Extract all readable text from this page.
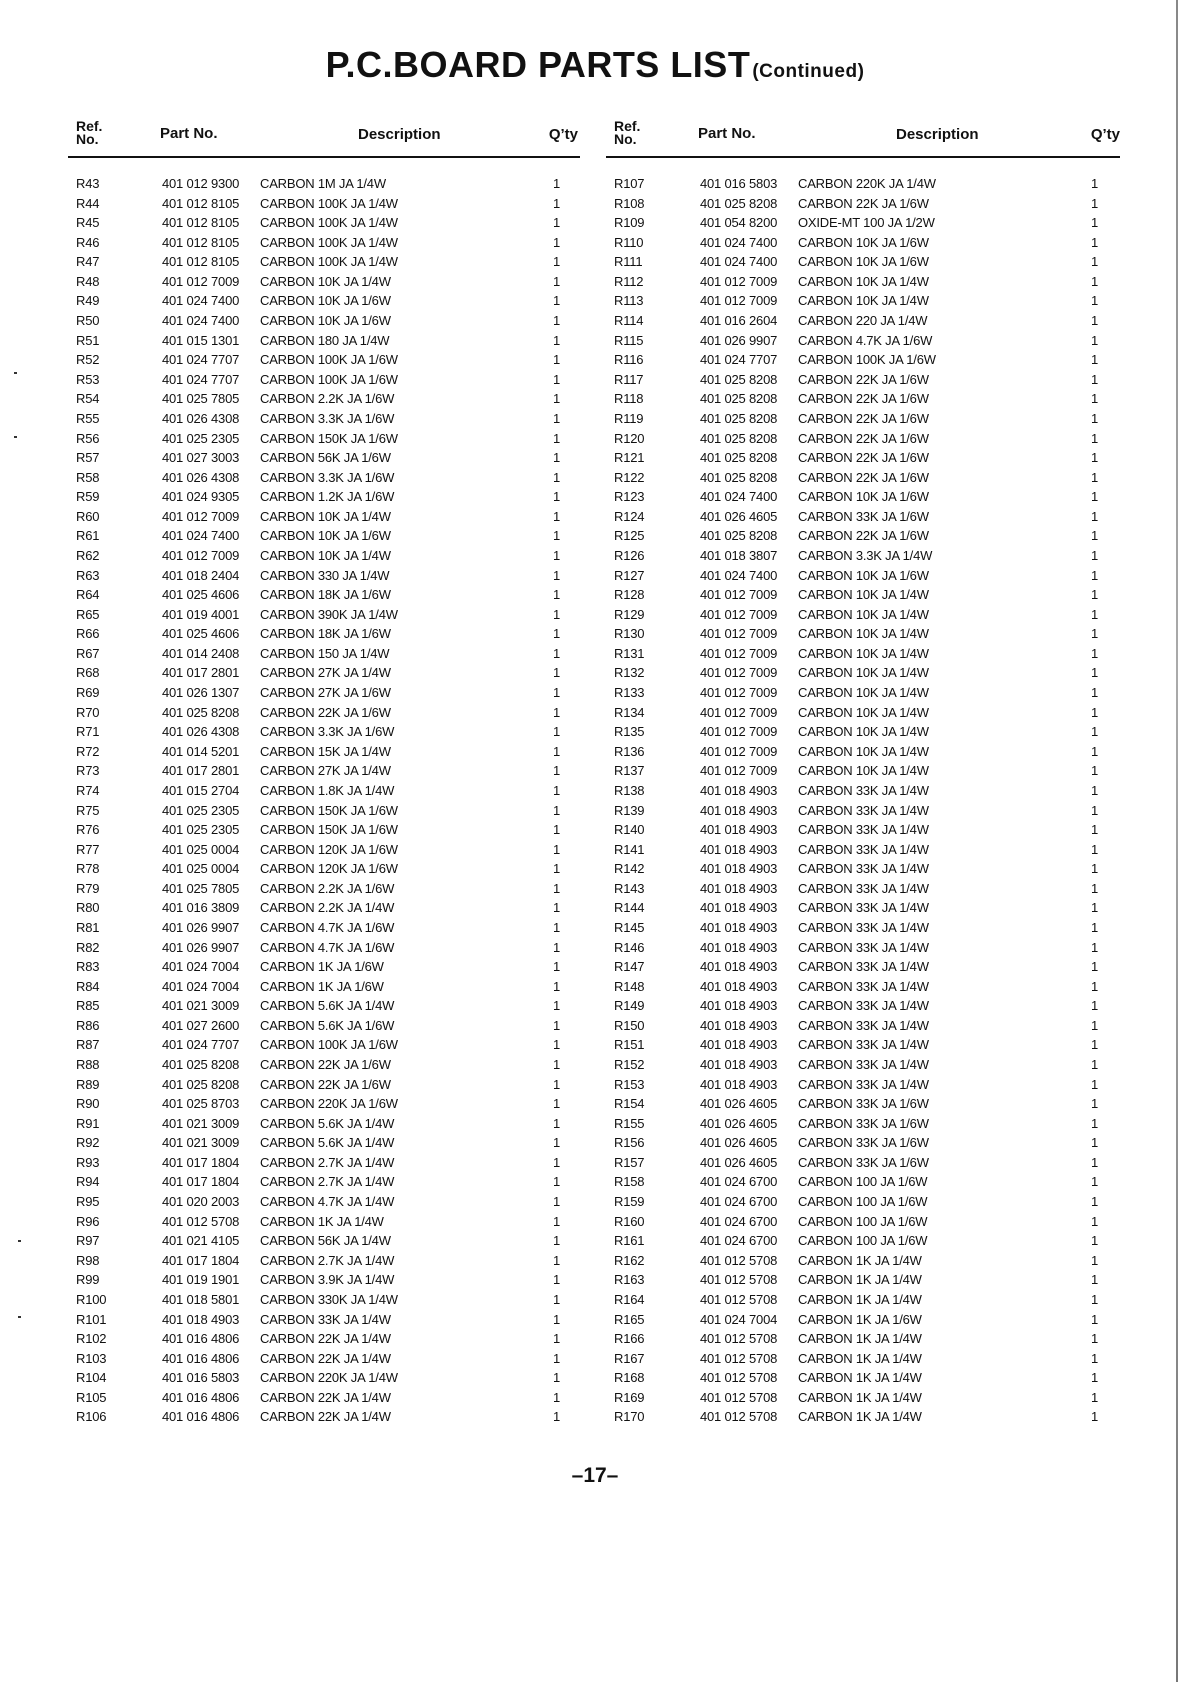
P.C.BOARD PARTS LIST (Continued)
Ref.
No.	Part No.	Description	Q’ty
R43	401 012 9300 CARBON 1M JA 1/4W	1
R44	401 012 8105 CARBON 100K JA 1/4W	1
R45	401 012 8105 CARBON 100K JA 1/4W	1
R46	401 012 8105 CARBON 100K JA 1/4W	1
R47	401 012 8105 CARBON 100K JA 1/4W	1
R48	401 012 7009 CARBON 10K JA 1/4W	1
R49	401 024 7400 CARBON 10K JA 1/6W	1
R50	401 024 7400 CARBON 10K JA 1/6W	1
R51	401 015 1301 CARBON 180 JA 1/4W	1
R52	401 024 7707 CARBON 100K JA 1/6W	1
R53	401 024 7707 CARBON 100K JA 1/6W	1
R54	401 025 7805 CARBON 2.2K JA 1/6W	1
R55	401 026 4308 CARBON 3.3K JA 1/6W	1
R56	401 025 2305 CARBON 150K JA 1/6W	1
R57	401 027 3003 CARBON 56K JA 1/6W	1
R58	401 026 4308 CARBON 3.3K JA 1/6W	1
R59	401 024 9305 CARBON 1.2K JA 1/6W	1
R60	401 012 7009 CARBON 10K JA 1/4W	1
R61	401 024 7400 CARBON 10K JA 1/6W	1
R62	401 012 7009 CARBON 10K JA 1/4W	1
R63	401 018 2404 CARBON 330 JA 1/4W	1
R64	401 025 4606 CARBON 18K JA 1/6W	1
R65	401 019 4001 CARBON 390K JA 1/4W	1
R66	401 025 4606 CARBON 18K JA 1/6W	1
R67	401 014 2408 CARBON 150 JA 1/4W	1
R68	401 017 2801 CARBON 27K JA 1/4W	1
R69	401 026 1307 CARBON 27K JA 1/6W	1
R70	401 025 8208 CARBON 22K JA 1/6W	1
R71	401 026 4308 CARBON 3.3K JA 1/6W	1
R72	401 014 5201 CARBON 15K JA 1/4W	1
R73	401 017 2801 CARBON 27K JA 1/4W	1
R74	401 015 2704 CARBON 1.8K JA 1/4W	1
R75	401 025 2305 CARBON 150K JA 1/6W	1
R76	401 025 2305 CARBON 150K JA 1/6W	1
R77	401 025 0004 CARBON 120K JA 1/6W	1
R78	401 025 0004 CARBON 120K JA 1/6W	1
R79	401 025 7805 CARBON 2.2K JA 1/6W	1
R80	401 016 3809 CARBON 2.2K JA 1/4W	1
R81	401 026 9907 CARBON 4.7K JA 1/6W	1
R82	401 026 9907 CARBON 4.7K JA 1/6W	1
R83	401 024 7004 CARBON 1K JA 1/6W	1
R84	401 024 7004 CARBON 1K JA 1/6W	1
R85	401 021 3009 CARBON 5.6K JA 1/4W	1
R86	401 027 2600 CARBON 5.6K JA 1/6W	1
R87	401 024 7707 CARBON 100K JA 1/6W	1
R88	401 025 8208 CARBON 22K JA 1/6W	1
R89	401 025 8208 CARBON 22K JA 1/6W	1
R90	401 025 8703 CARBON 220K JA 1/6W	1
R91	401 021 3009 CARBON 5.6K JA 1/4W	1
R92	401 021 3009 CARBON 5.6K JA 1/4W	1
R93	401 017 1804 CARBON 2.7K JA 1/4W	1
R94	401 017 1804 CARBON 2.7K JA 1/4W	1
R95	401 020 2003 CARBON 4.7K JA 1/4W	1
R96	401 012 5708 CARBON 1K JA 1/4W	1
R97	401 021 4105 CARBON 56K JA 1/4W	1
R98	401 017 1804 CARBON 2.7K JA 1/4W	1
R99	401 019 1901 CARBON 3.9K JA 1/4W	1
R100	401 018 5801 CARBON 330K JA 1/4W	1
R101	401 018 4903 CARBON 33K JA 1/4W	1
R102	401 016 4806 CARBON 22K JA 1/4W	1
R103	401 016 4806 CARBON 22K JA 1/4W	1
R104	401 016 5803 CARBON 220K JA 1/4W	1
R105	401 016 4806 CARBON 22K JA 1/4W	1
R106	401 016 4806 CARBON 22K JA 1/4W	1
Ref.
No.	Part No.	Description	Q’ty
R107	401 016 5803 CARBON 220K JA 1/4W	1
R108	401 025 8208 CARBON 22K JA 1/6W	1
R109	401 054 8200 OXIDE-MT 100 JA 1/2W	1
R110	401 024 7400 CARBON 10K JA 1/6W	1
R111	401 024 7400 CARBON 10K JA 1/6W	1
R112	401 012 7009 CARBON 10K JA 1/4W	1
R113	401 012 7009 CARBON 10K JA 1/4W	1
R114	401 016 2604 CARBON 220 JA 1/4W	1
R115	401 026 9907 CARBON 4.7K JA 1/6W	1
R116	401 024 7707 CARBON 100K JA 1/6W	1
R117	401 025 8208 CARBON 22K JA 1/6W	1
R118	401 025 8208 CARBON 22K JA 1/6W	1
R119	401 025 8208 CARBON 22K JA 1/6W	1
R120	401 025 8208 CARBON 22K JA 1/6W	1
R121	401 025 8208 CARBON 22K JA 1/6W	1
R122	401 025 8208 CARBON 22K JA 1/6W	1
R123	401 024 7400 CARBON 10K JA 1/6W	1
R124	401 026 4605 CARBON 33K JA 1/6W	1
R125	401 025 8208 CARBON 22K JA 1/6W	1
R126	401 018 3807 CARBON 3.3K JA 1/4W	1
R127	401 024 7400 CARBON 10K JA 1/6W	1
R128	401 012 7009 CARBON 10K JA 1/4W	1
R129	401 012 7009 CARBON 10K JA 1/4W	1
R130	401 012 7009 CARBON 10K JA 1/4W	1
R131	401 012 7009 CARBON 10K JA 1/4W	1
R132	401 012 7009 CARBON 10K JA 1/4W	1
R133	401 012 7009 CARBON 10K JA 1/4W	1
R134	401 012 7009 CARBON 10K JA 1/4W	1
R135	401 012 7009 CARBON 10K JA 1/4W	1
R136	401 012 7009 CARBON 10K JA 1/4W	1
R137	401 012 7009 CARBON 10K JA 1/4W	1
R138	401 018 4903 CARBON 33K JA 1/4W	1
R139	401 018 4903 CARBON 33K JA 1/4W	1
R140	401 018 4903 CARBON 33K JA 1/4W	1
R141	401 018 4903 CARBON 33K JA 1/4W	1
R142	401 018 4903 CARBON 33K JA 1/4W	1
R143	401 018 4903 CARBON 33K JA 1/4W	1
R144	401 018 4903 CARBON 33K JA 1/4W	1
R145	401 018 4903 CARBON 33K JA 1/4W	1
R146	401 018 4903 CARBON 33K JA 1/4W	1
R147	401 018 4903 CARBON 33K JA 1/4W	1
R148	401 018 4903 CARBON 33K JA 1/4W	1
R149	401 018 4903 CARBON 33K JA 1/4W	1
R150	401 018 4903 CARBON 33K JA 1/4W	1
R151	401 018 4903 CARBON 33K JA 1/4W	1
R152	401 018 4903 CARBON 33K JA 1/4W	1
R153	401 018 4903 CARBON 33K JA 1/4W	1
R154	401 026 4605 CARBON 33K JA 1/6W	1
R155	401 026 4605 CARBON 33K JA 1/6W	1
R156	401 026 4605 CARBON 33K JA 1/6W	1
R157	401 026 4605 CARBON 33K JA 1/6W	1
R158	401 024 6700 CARBON 100 JA 1/6W	1
R159	401 024 6700 CARBON 100 JA 1/6W	1
R160	401 024 6700 CARBON 100 JA 1/6W	1
R161	401 024 6700 CARBON 100 JA 1/6W	1
R162	401 012 5708 CARBON 1K JA 1/4W	1
R163	401 012 5708 CARBON 1K JA 1/4W	1
R164	401 012 5708 CARBON 1K JA 1/4W	1
R165	401 024 7004 CARBON 1K JA 1/6W	1
R166	401 012 5708 CARBON 1K JA 1/4W	1
R167	401 012 5708 CARBON 1K JA 1/4W	1
R168	401 012 5708 CARBON 1K JA 1/4W	1
R169	401 012 5708 CARBON 1K JA 1/4W	1
R170	401 012 5708 CARBON 1K JA 1/4W	1
–17–
